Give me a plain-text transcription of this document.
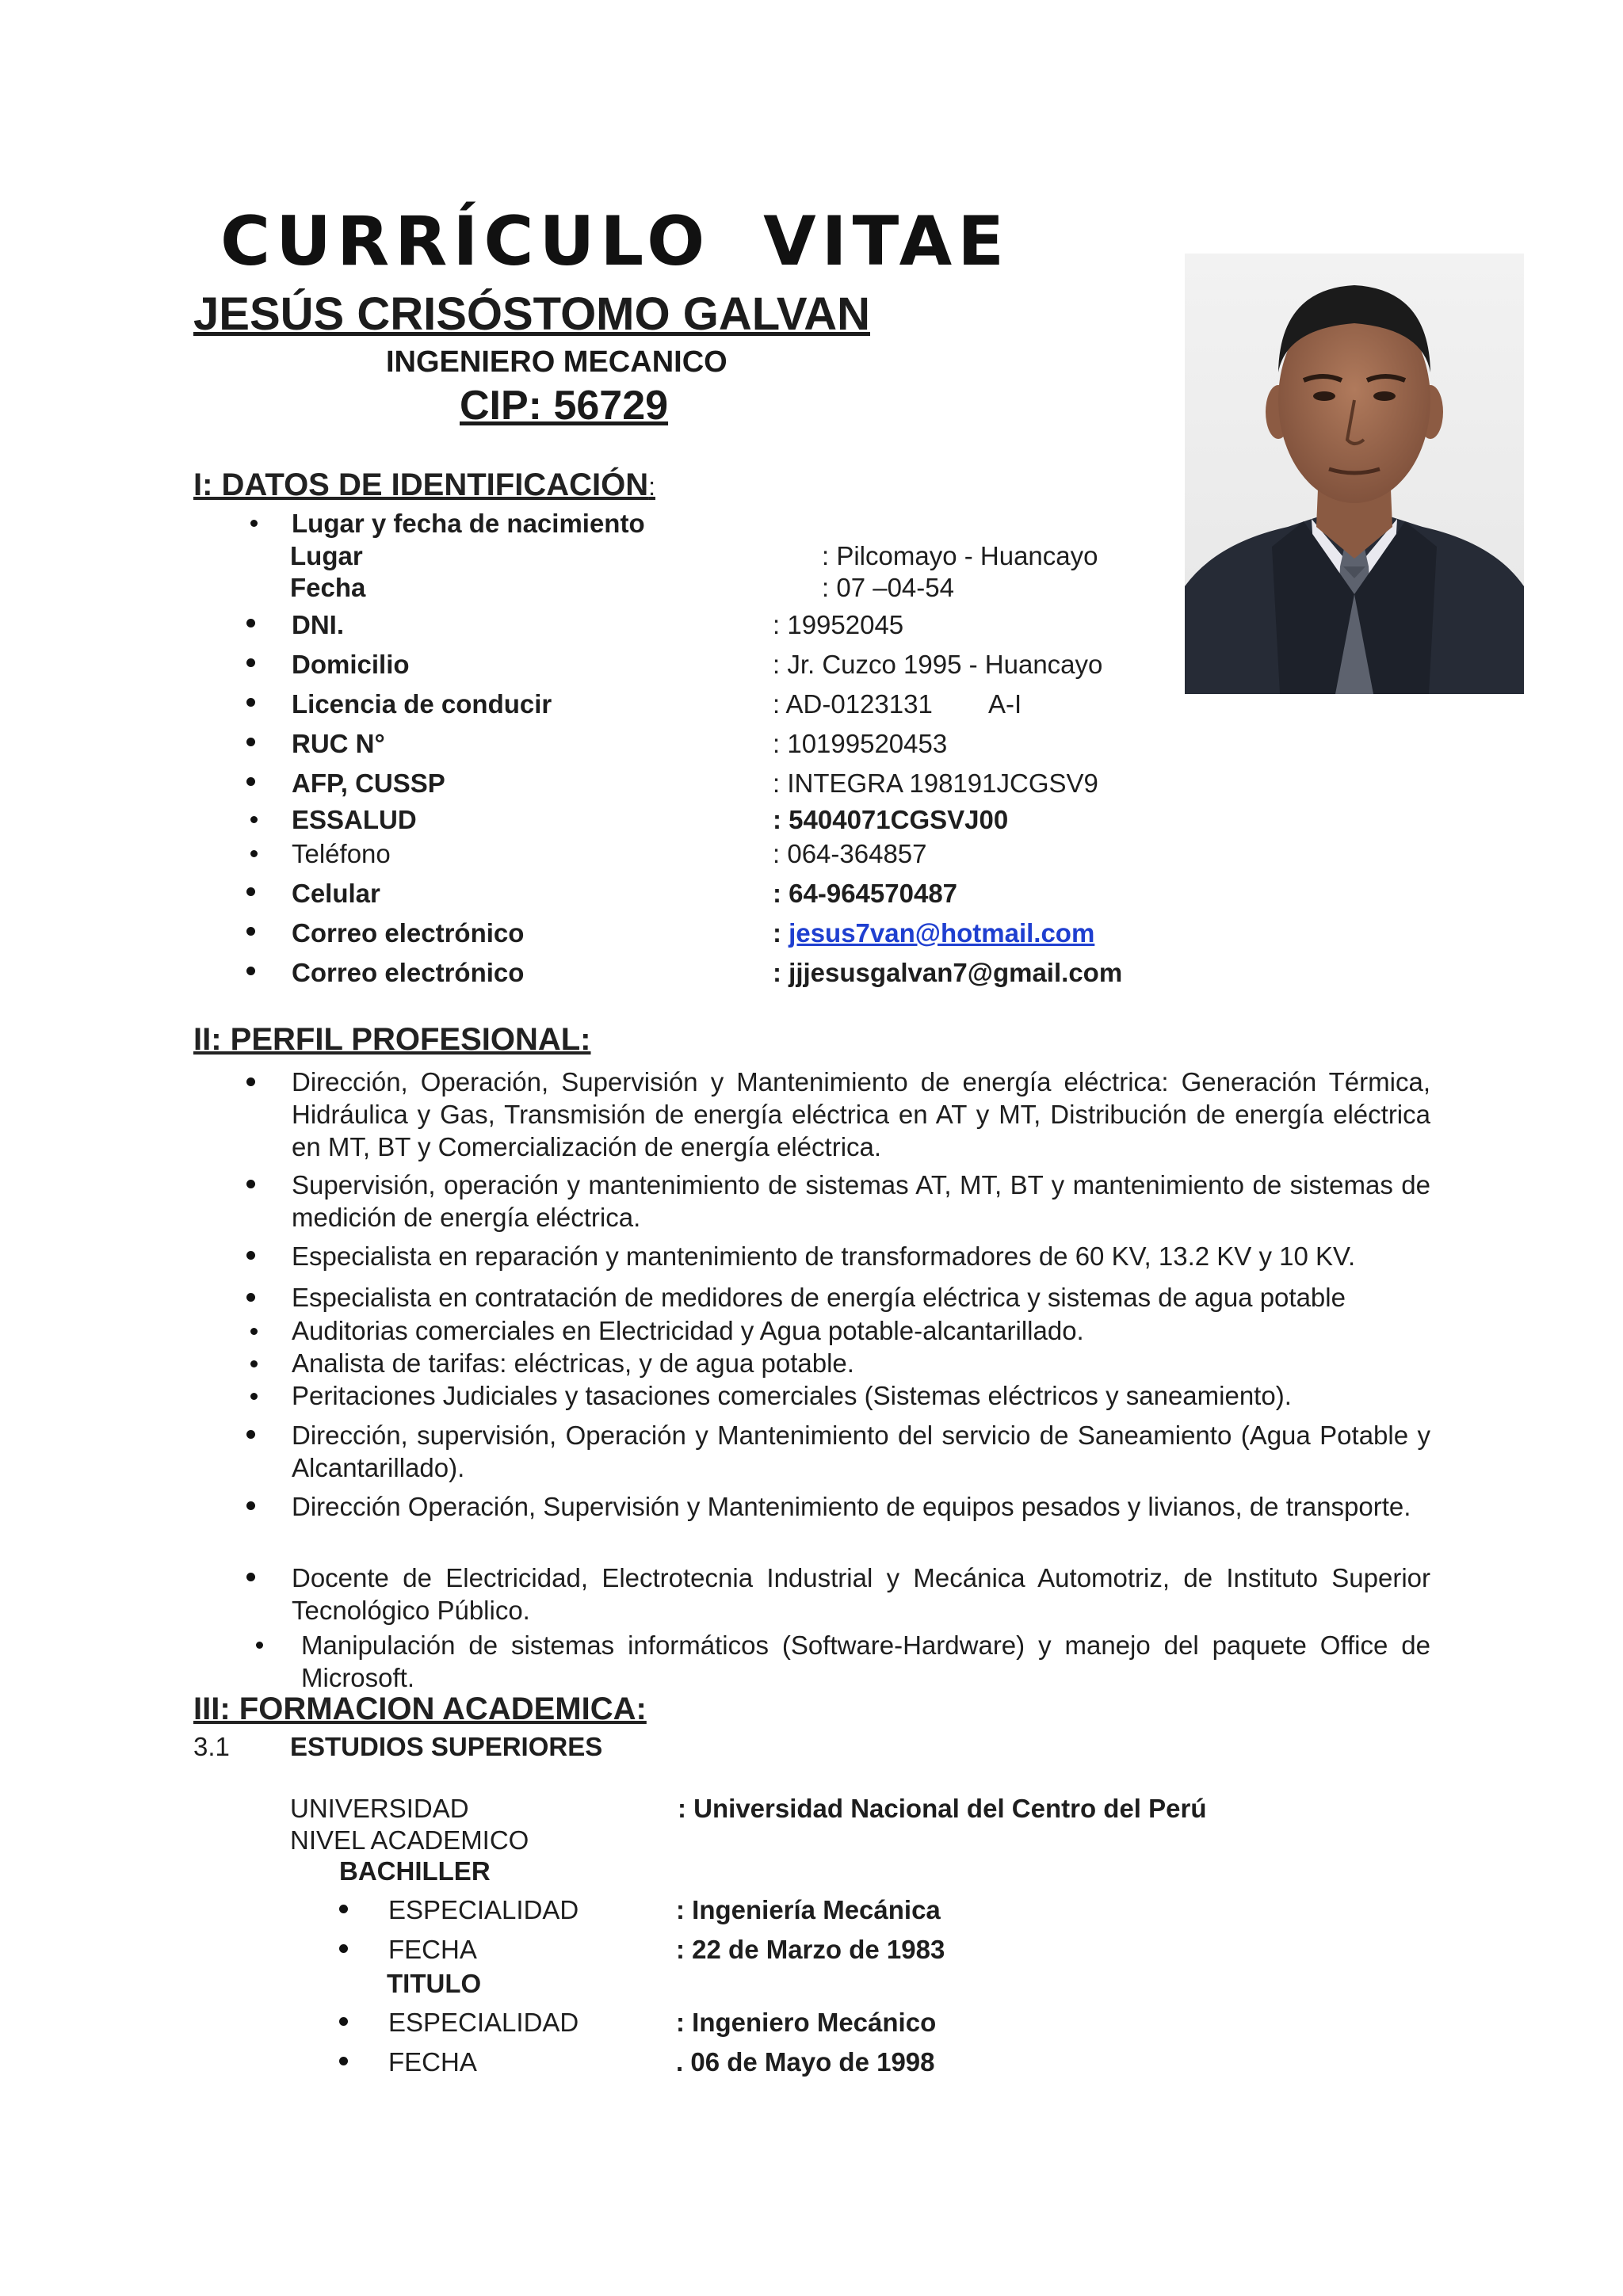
CURRÍCULO VITAE
JESÚS CRISÓSTOMO GALVAN
INGENIERO MECANICO
CIP: 56729
I: DATOS DE IDENTIFICACIÓN:
Lugar y fecha de nacimiento
Lugar	: Pilcomayo - Huancayo
Fecha	: 07 –04-54
DNI.	: 19952045
Domicilio	: Jr. Cuzco 1995 - Huancayo
Licencia de conducir	: AD-0123131 A-I
RUC N°	: 10199520453
AFP, CUSSP	: INTEGRA 198191JCGSV9
ESSALUD	: 5404071CGSVJ00
Teléfono	: 064-364857
Celular	: 64-964570487
Correo electrónico	: jesus7van@hotmail.com
Correo electrónico	: jjjesusgalvan7@gmail.com
II: PERFIL PROFESIONAL:
Dirección, Operación, Supervisión y Mantenimiento de energía eléctrica: Generación Térmica, Hidráulica y Gas, Transmisión de energía eléctrica en AT y MT, Distribución de energía eléctrica en MT, BT y Comercialización de energía eléctrica.
Supervisión, operación y mantenimiento de sistemas AT, MT, BT y mantenimiento de sistemas de medición de energía eléctrica.
Especialista en reparación y mantenimiento de transformadores de 60 KV, 13.2 KV y 10 KV.
Especialista en contratación de medidores de energía eléctrica y sistemas de agua potable
Auditorias comerciales en Electricidad y Agua potable-alcantarillado.
Analista de tarifas: eléctricas, y de agua potable.
Peritaciones Judiciales y tasaciones comerciales (Sistemas eléctricos y saneamiento).
Dirección, supervisión, Operación y Mantenimiento del servicio de Saneamiento (Agua Potable y Alcantarillado).
Dirección Operación, Supervisión y Mantenimiento de equipos pesados y livianos, de transporte.
Docente de Electricidad, Electrotecnia Industrial y Mecánica Automotriz, de Instituto Superior Tecnológico Público.
Manipulación de sistemas informáticos (Software-Hardware) y manejo del paquete Office de Microsoft.
III: FORMACION ACADEMICA:
3.1 ESTUDIOS SUPERIORES
UNIVERSIDAD	: Universidad Nacional del Centro del Perú
NIVEL ACADEMICO
BACHILLER
ESPECIALIDAD	: Ingeniería Mecánica
FECHA	: 22 de Marzo de 1983
TITULO
ESPECIALIDAD	: Ingeniero Mecánico
FECHA	. 06 de Mayo de 1998
